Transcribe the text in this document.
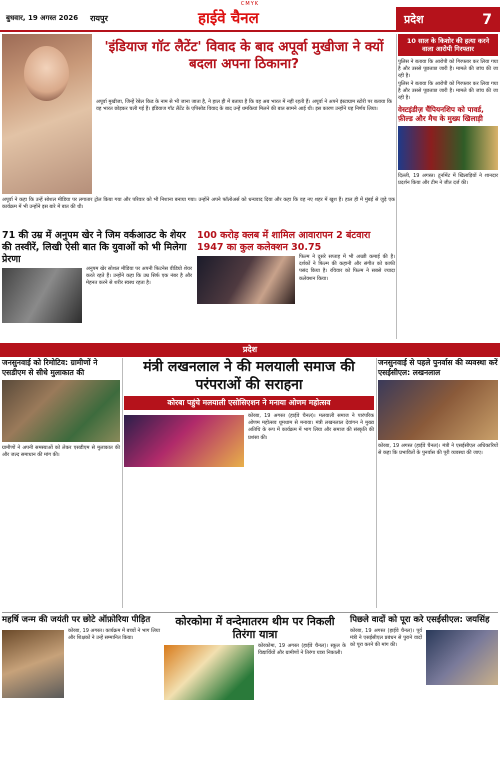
CMYK
बुधवार, 19 अगस्त 2026 रायपुर	हाईवे चैनल	प्रदेश	7
'इंडियाज गॉट लैटेंट' विवाद के बाद अपूर्वा मुखीजा ने क्यों बदला अपना ठिकाना?
अपूर्वा मुखीजा, जिन्हें रेबेल किड के नाम से भी जाना जाता है, ने हाल ही में बताया है कि वह अब भारत में नहीं रहती हैं। अपूर्वा ने अपने इंस्टाग्राम स्टोरी पर बताया कि वह भारत छोड़कर चली गई हैं। इंडियाज गॉट लैटेंट के एपिसोड विवाद के बाद उन्हें धमकियां मिलने की बात सामने आई थी। इस कारण उन्होंने यह निर्णय लिया।
अपूर्वा ने कहा कि उन्हें सोशल मीडिया पर लगातार ट्रोल किया गया और परिवार को भी निशाना बनाया गया। उन्होंने अपने फॉलोअर्स को धन्यवाद दिया और कहा कि वह नए शहर में खुश हैं। हाल ही में मुंबई से जुड़े एक कार्यक्रम में भी उन्होंने इस बारे में बात की थी।
71 की उम्र में अनुपम खेर ने जिम वर्कआउट के शेयर की तस्वीरें, लिखी ऐसी बात कि युवाओं को भी मिलेगा प्रेरणा
अनुपम खेर सोशल मीडिया पर अपनी फिटनेस वीडियो शेयर करते रहते हैं। उन्होंने कहा कि उम्र सिर्फ एक नंबर है और मेहनत करने से शरीर स्वस्थ रहता है।
100 करोड़ क्लब में शामिल आवारापन 2 बंटवारा 1947 का कुल कलेक्शन 30.75
फिल्म ने दूसरे सप्ताह में भी अच्छी कमाई की है। दर्शकों ने फिल्म की कहानी और संगीत को काफी पसंद किया है। रविवार को फिल्म ने सबसे ज्यादा कलेक्शन किया।
10 साल के किशोर की हत्या करने वाला आरोपी गिरफ्तार
पुलिस ने बताया कि आरोपी को गिरफ्तार कर लिया गया है और उससे पूछताछ जारी है। मामले की जांच की जा रही है।
पुलिस ने बताया कि आरोपी को गिरफ्तार कर लिया गया है और उससे पूछताछ जारी है। मामले की जांच की जा रही है।
वेस्टइंडीज़ चैंपियनशिप को पावर्ड, फ़ील्ड और मैच के मुख्य खिलाड़ी
दिल्ली, 19 अगस्त। टूर्नामेंट में खिलाड़ियों ने शानदार प्रदर्शन किया और टीम ने जीत दर्ज की।
प्रदेश
जनसुनवाई को रिमोटिव: ग्रामीणों ने एसडीएम से सीधे मुलाकात की
ग्रामीणों ने अपनी समस्याओं को लेकर एसडीएम से मुलाकात की और जल्द समाधान की मांग की।
मंत्री लखनलाल ने की मलयाली समाज की परंपराओं की सराहना
कोरबा पहुंचे मलयाली एसोसिएशन ने मनाया ओणम महोत्सव
कोरबा, 19 अगस्त (हाईवे चैनल)। मलयाली समाज ने पारंपरिक ओणम महोत्सव धूमधाम से मनाया। मंत्री लखनलाल देवांगन ने मुख्य अतिथि के रूप में कार्यक्रम में भाग लिया और समाज की संस्कृति की प्रशंसा की।
जनसुनवाई से पहले पुनर्वास की व्यवस्था करें एसईसीएल: लखनलाल
कोरबा, 19 अगस्त (हाईवे चैनल)। मंत्री ने एसईसीएल अधिकारियों से कहा कि प्रभावितों के पुनर्वास की पूरी व्यवस्था की जाए।
महर्षि जन्म की जयंती पर छोटे ऑफ़ोरिया पीड़ित
कोरबा, 19 अगस्त। कार्यक्रम में बच्चों ने भाग लिया और शिक्षकों ने उन्हें सम्मानित किया।
कोरकोमा में वन्देमातरम थीम पर निकली तिरंगा यात्रा
कोरकोमा, 19 अगस्त (हाईवे चैनल)। स्कूल के विद्यार्थियों और ग्रामीणों ने तिरंगा यात्रा निकाली।
पिछले वादों को पूरा करे एसईसीएल: जयसिंह
कोरबा, 19 अगस्त (हाईवे चैनल)। पूर्व मंत्री ने एसईसीएल प्रबंधन से पुराने वादों को पूरा करने की मांग की।
